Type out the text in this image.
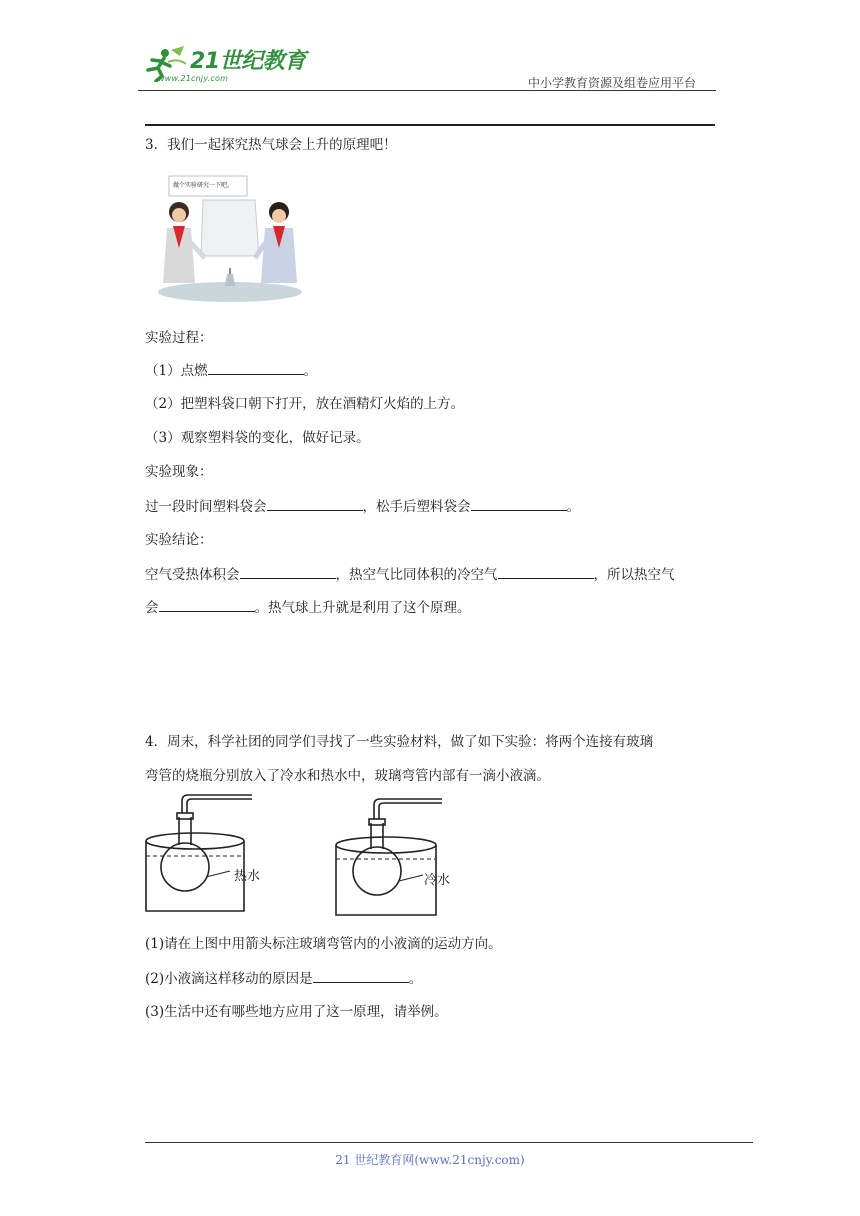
21世纪教育
www.21cnjy.com	中小学教育资源及组卷应用平台
3．我们一起探究热气球会上升的原理吧！
做个实验研究一下吧。
实验过程：
（1）点燃	。
（2）把塑料袋口朝下打开，放在酒精灯火焰的上方。
（3）观察塑料袋的变化，做好记录。
实验现象：
过一段时间塑料袋会	，松手后塑料袋会	。
实验结论：
空气受热体积会	，热空气比同体积的冷空气	，所以热空气
会	。热气球上升就是利用了这个原理。
4．周末，科学社团的同学们寻找了一些实验材料，做了如下实验：将两个连接有玻璃
弯管的烧瓶分别放入了冷水和热水中，玻璃弯管内部有一滴小液滴。
热水	冷水
(1)请在上图中用箭头标注玻璃弯管内的小液滴的运动方向。
(2)小液滴这样移动的原因是	。
(3)生活中还有哪些地方应用了这一原理，请举例。
21 世纪教育网(www.21cnjy.com)
